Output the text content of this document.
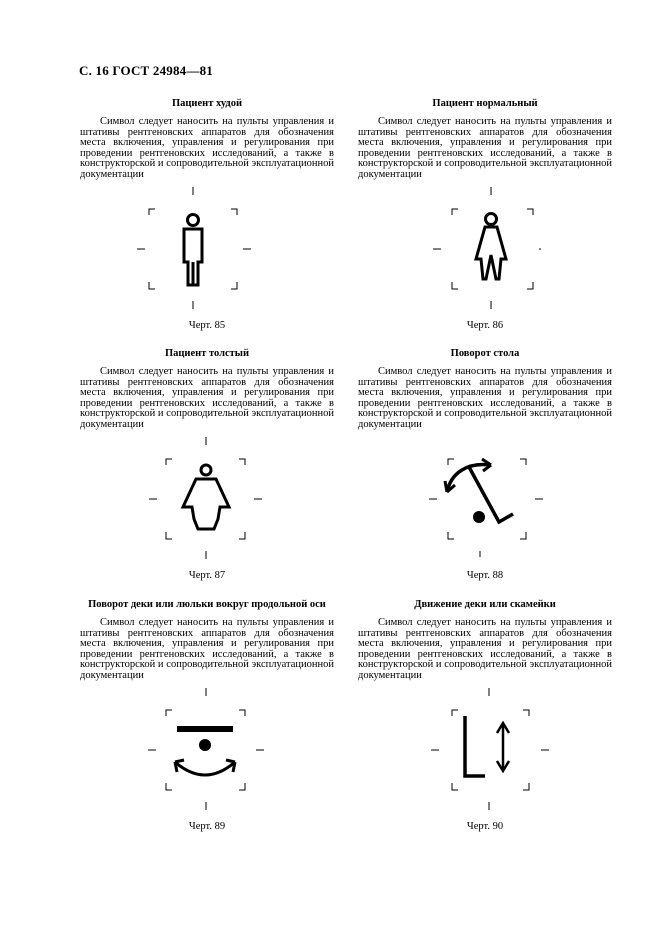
С. 16 ГОСТ 24984—81
Пациент худой
Символ следует наносить на пульты управления и штативы рентгеновских аппаратов для обозначения места включения, управления и регулирования при проведении рентгеновских исследований, а также в конструкторской и сопроводительной эксплуатационной документации
Черт. 85
Пациент нормальный
Символ следует наносить на пульты управления и штативы рентгеновских аппаратов для обозначения места включения, управления и регулирования при проведении рентгеновских исследований, а также в конструкторской и сопроводительной эксплуатационной документации
Черт. 86
Пациент толстый
Символ следует наносить на пульты управления и штативы рентгеновских аппаратов для обозначения места включения, управления и регулирования при проведении рентгеновских исследований, а также в конструкторской и сопроводительной эксплуатационной документации
Черт. 87
Поворот стола
Символ следует наносить на пульты управления и штативы рентгеновских аппаратов для обозначения места включения, управления и регулирования при проведении рентгеновских исследований, а также в конструкторской и сопроводительной эксплуатационной документации
Черт. 88
Поворот деки или люльки вокруг продольной оси
Символ следует наносить на пульты управления и штативы рентгеновских аппаратов для обозначения места включения, управления и регулирования при проведении рентгеновских исследований, а также в конструкторской и сопроводительной эксплуатационной документации
Черт. 89
Движение деки или скамейки
Символ следует наносить на пульты управления и штативы рентгеновских аппаратов для обозначения места включения, управления и регулирования при проведении рентгеновских исследований, а также в конструкторской и сопроводительной эксплуатационной документации
Черт. 90
